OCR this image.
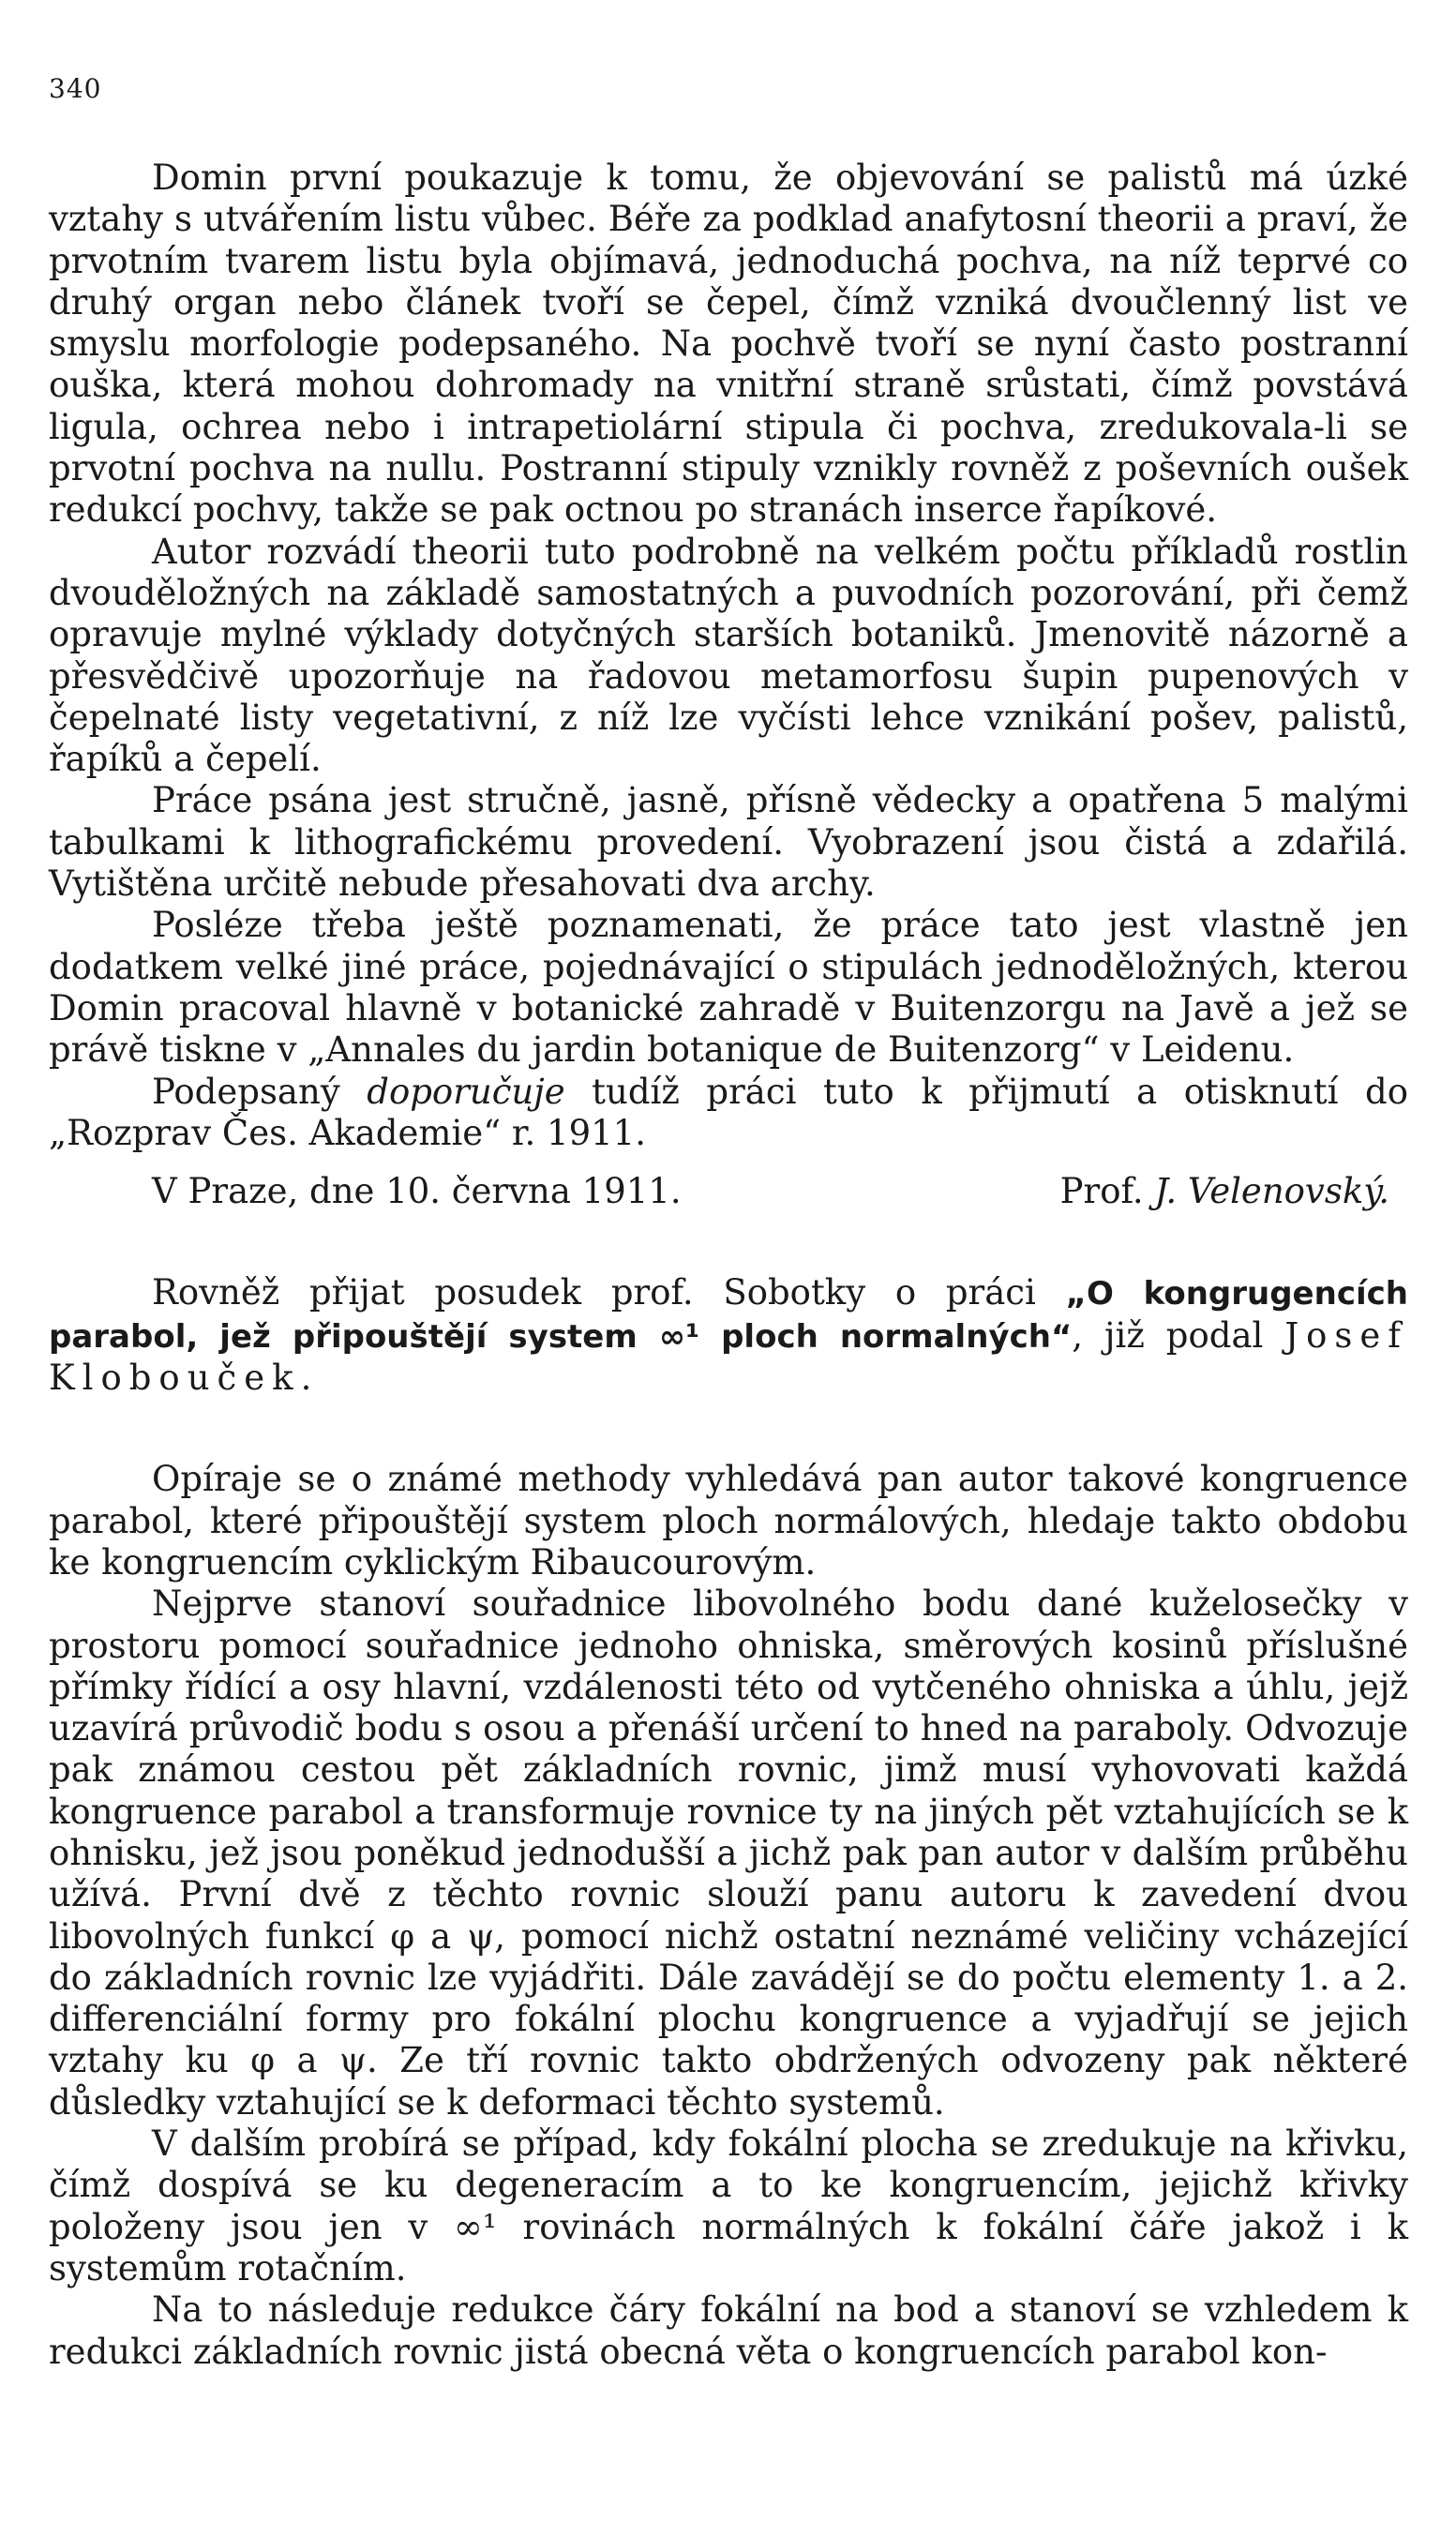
340

Domin první poukazuje k tomu, že objevování se palistů má úzké vztahy s utvářením listu vůbec. Béře za podklad anafytosní theorii a praví, že prvotním tvarem listu byla objímavá, jednoduchá pochva, na níž teprvé co druhý organ nebo článek tvoří se čepel, čímž vzniká dvoučlenný list ve smyslu morfologie podepsaného. Na pochvě tvoří se nyní často postranní ouška, která mohou dohromady na vnitřní straně srůstati, čímž povstává ligula, ochrea nebo i intrapetiolární stipula či pochva, zredukovala-li se prvotní pochva na nullu. Postranní stipuly vznikly rovněž z poševních oušek redukcí pochvy, takže se pak octnou po stranách inserce řapíkové.

Autor rozvádí theorii tuto podrobně na velkém počtu příkladů rostlin dvouděložných na základě samostatných a puvodních pozorování, při čemž opravuje mylné výklady dotyčných starších botaniků. Jmenovitě názorně a přesvědčivě upozorňuje na řadovou metamorfosu šupin pupenových v čepelnaté listy vegetativní, z níž lze vyčísti lehce vznikání pošev, palistů, řapíků a čepelí.

Práce psána jest stručně, jasně, přísně vědecky a opatřena 5 malými tabulkami k lithografickému provedení. Vyobrazení jsou čistá a zdařilá. Vytištěna určitě nebude přesahovati dva archy.

Posléze třeba ještě poznamenati, že práce tato jest vlastně jen dodatkem velké jiné práce, pojednávající o stipulách jednoděložných, kterou Domin pracoval hlavně v botanické zahradě v Buitenzorgu na Javě a jež se právě tiskne v „Annales du jardin botanique de Buitenzorg“ v Leidenu.

Podepsaný doporučuje tudíž práci tuto k přijmutí a otisknutí do „Rozprav Čes. Akademie“ r. 1911.

V Praze, dne 10. června 1911.	Prof. J. Velenovský.

Rovněž přijat posudek prof. Sobotky o práci „O kongrugencích parabol, jež připouštějí system ∞¹ ploch normalných“, již podal Josef Klobouček.

Opíraje se o známé methody vyhledává pan autor takové kongruence parabol, které připouštějí system ploch normálových, hledaje takto obdobu ke kongruencím cyklickým Ribaucourovým.

Nejprve stanoví souřadnice libovolného bodu dané kuželosečky v prostoru pomocí souřadnice jednoho ohniska, směrových kosinů příslušné přímky řídící a osy hlavní, vzdálenosti této od vytčeného ohniska a úhlu, jejž uzavírá průvodič bodu s osou a přenáší určení to hned na paraboly. Odvozuje pak známou cestou pět základních rovnic, jimž musí vyhovovati každá kongruence parabol a transformuje rovnice ty na jiných pět vztahujících se k ohnisku, jež jsou poněkud jednodušší a jichž pak pan autor v dalším průběhu užívá. První dvě z těchto rovnic slouží panu autoru k zavedení dvou libovolných funkcí φ a ψ, pomocí nichž ostatní neznámé veličiny vcházející do základních rovnic lze vyjádřiti. Dále zavádějí se do počtu elementy 1. a 2. differenciální formy pro fokální plochu kongruence a vyjadřují se jejich vztahy ku φ a ψ. Ze tří rovnic takto obdržených odvozeny pak některé důsledky vztahující se k deformaci těchto systemů.

V dalším probírá se případ, kdy fokální plocha se zredukuje na křivku, čímž dospívá se ku degeneracím a to ke kongruencím, jejichž křivky položeny jsou jen v ∞¹ rovinách normálných k fokální čáře jakož i k systemům rotačním.

Na to následuje redukce čáry fokální na bod a stanoví se vzhledem k redukci základních rovnic jistá obecná věta o kongruencích parabol kon-
